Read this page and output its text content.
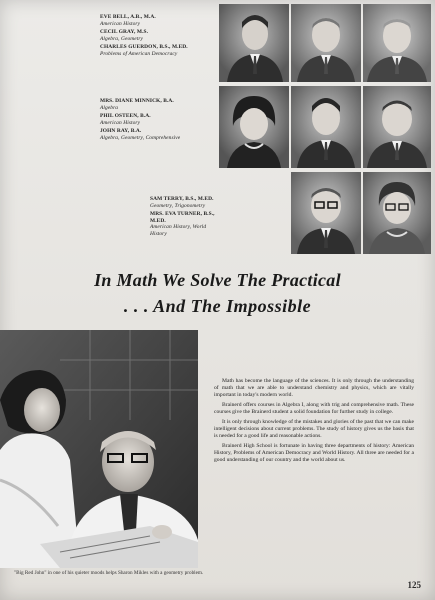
EVE BELL, A.B., M.A.
American History
CECIL GRAY, M.S.
Algebra, Geometry
CHARLES GUERDON, B.S., M.ED.
Problems of American Democracy
MRS. DIANE MINNICK, B.A.
Algebra
PHIL OSTEEN, B.A.
American History
JOHN RAY, B.A.
Algebra, Geometry, Comprehensive
SAM TERRY, B.S., M.ED.
Geometry, Trigonometry
MRS. EVA TURNER, B.S., M.ED.
American History, World History
In Math We Solve The Practical
. . . And The Impossible
"Big Red John" in one of his quieter moods helps Sharon Mikles with a geometry problem.

Math has become the language of the sciences. It is only through the understanding of math that we are able to understand chemistry and physics, which are vitally important in today's modern world.

Brainerd offers courses in Algebra I, along with trig and comprehensive math. These courses give the Brainerd student a solid foundation for further study in college.

It is only through knowledge of the mistakes and glories of the past that we can make intelligent decisions about current problems. The study of history gives us the basis that is needed for a good life and reasonable actions.

Brainerd High School is fortunate in having three departments of history: American History, Problems of American Democracy and World History. All three are needed for a good understanding of our country and the world about us.

125
